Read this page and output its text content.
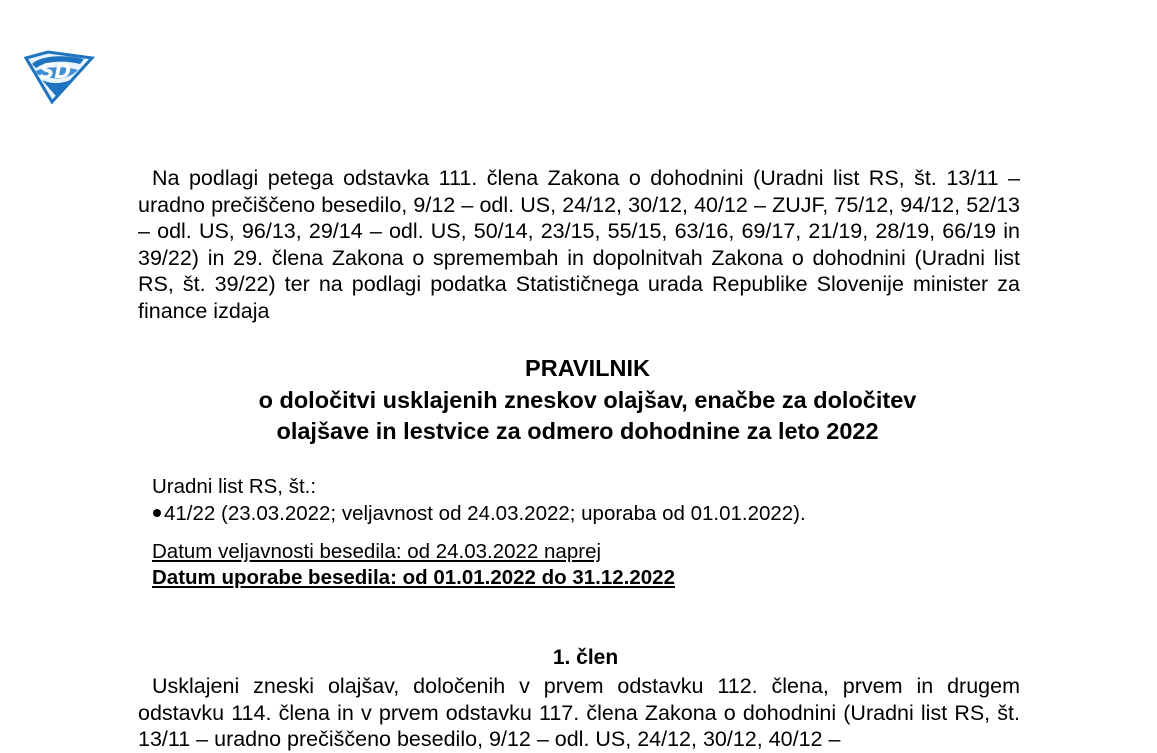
SD

Na podlagi petega odstavka 111. člena Zakona o dohodnini (Uradni list RS, št. 13/11 – uradno prečiščeno besedilo, 9/12 – odl. US, 24/12, 30/12, 40/12 – ZUJF, 75/12, 94/12, 52/13 – odl. US, 96/13, 29/14 – odl. US, 50/14, 23/15, 55/15, 63/16, 69/17, 21/19, 28/19, 66/19 in 39/22) in 29. člena Zakona o spremembah in dopolnitvah Zakona o dohodnini (Uradni list RS, št. 39/22) ter na podlagi podatka Statističnega urada Republike Slovenije minister za finance izdaja

PRAVILNIK

o določitvi usklajenih zneskov olajšav, enačbe za določitev

olajšave in lestvice za odmero dohodnine za leto 2022

Uradni list RS, št.:

41/22 (23.03.2022; veljavnost od 24.03.2022; uporaba od 01.01.2022).

Datum veljavnosti besedila: od 24.03.2022 naprej

Datum uporabe besedila: od 01.01.2022 do 31.12.2022

1. člen

Usklajeni zneski olajšav, določenih v prvem odstavku 112. člena, prvem in drugem odstavku 114. člena in v prvem odstavku 117. člena Zakona o dohodnini (Uradni list RS, št. 13/11 – uradno prečiščeno besedilo, 9/12 – odl. US, 24/12, 30/12, 40/12 –
